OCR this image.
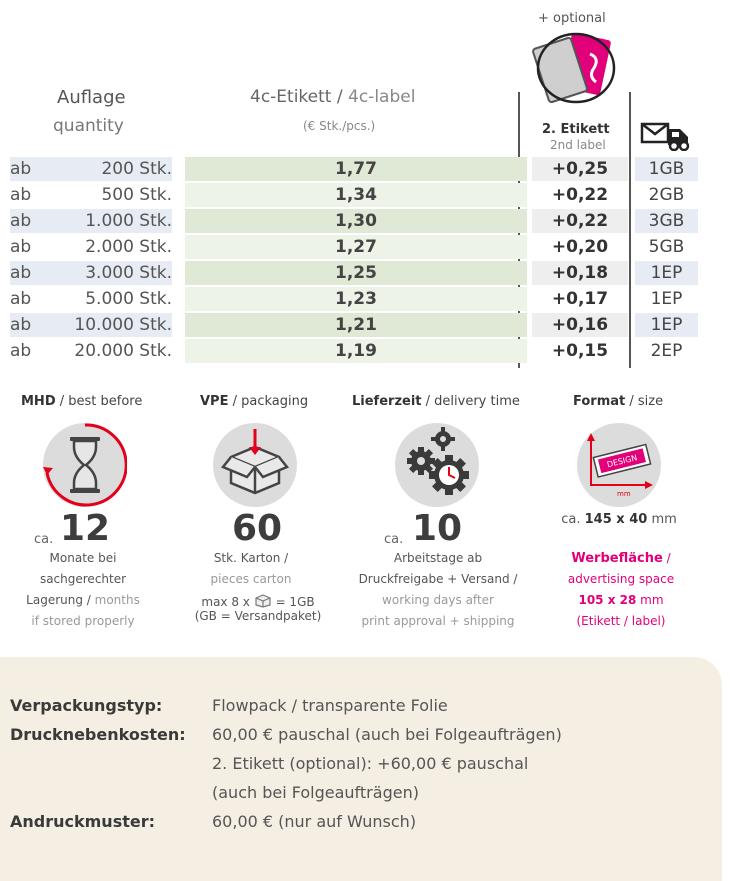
Auflage
quantity
4c-Etikett / 4c-label
(€ Stk./pcs.)
+ optional
2. Etikett
2nd label
ab	200 Stk.	1,77	+0,25	1GB
ab	500 Stk.	1,34	+0,22	2GB
ab	1.000 Stk.	1,30	+0,22	3GB
ab	2.000 Stk.	1,27	+0,20	5GB
ab	3.000 Stk.	1,25	+0,18	1EP
ab	5.000 Stk.	1,23	+0,17	1EP
ab	10.000 Stk.	1,21	+0,16	1EP
ab	20.000 Stk.	1,19	+0,15	2EP
MHD / best before
ca. 12
Monate bei
sachgerechter
Lagerung / months
if stored properly
VPE / packaging
60
Stk. Karton /
pieces carton
max 8 x = 1GB
(GB = Versandpaket)
Lieferzeit / delivery time
ca. 10
Arbeitstage ab
Druckfreigabe + Versand /
working days after
print approval + shipping
Format / size
DESIGN
mm
ca. 145 x 40 mm
Werbefläche /
advertising space
105 x 28 mm
(Etikett / label)
Verpackungstyp:	Flowpack / transparente Folie
Drucknebenkosten: 60,00 € pauschal (auch bei Folgeaufträgen)
2. Etikett (optional): +60,00 € pauschal
(auch bei Folgeaufträgen)
Andruckmuster:	60,00 € (nur auf Wunsch)
